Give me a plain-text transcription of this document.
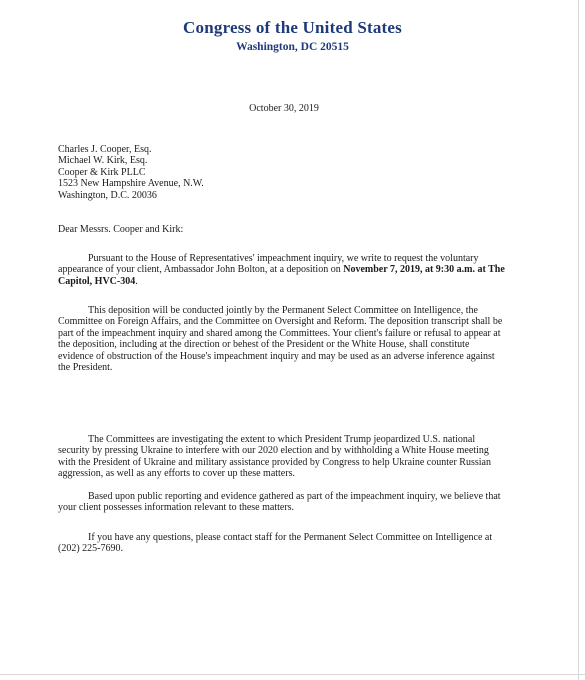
Congress of the United States
Washington, DC 20515
October 30, 2019
Charles J. Cooper, Esq.
Michael W. Kirk, Esq.
Cooper & Kirk PLLC
1523 New Hampshire Avenue, N.W.
Washington, D.C. 20036
Dear Messrs. Cooper and Kirk:
Pursuant to the House of Representatives' impeachment inquiry, we write to request the voluntary appearance of your client, Ambassador John Bolton, at a deposition on November 7, 2019, at 9:30 a.m. at The Capitol, HVC-304.
This deposition will be conducted jointly by the Permanent Select Committee on Intelligence, the Committee on Foreign Affairs, and the Committee on Oversight and Reform. The deposition transcript shall be part of the impeachment inquiry and shared among the Committees. Your client's failure or refusal to appear at the deposition, including at the direction or behest of the President or the White House, shall constitute evidence of obstruction of the House's impeachment inquiry and may be used as an adverse inference against the President.
The Committees are investigating the extent to which President Trump jeopardized U.S. national security by pressing Ukraine to interfere with our 2020 election and by withholding a White House meeting with the President of Ukraine and military assistance provided by Congress to help Ukraine counter Russian aggression, as well as any efforts to cover up these matters.
Based upon public reporting and evidence gathered as part of the impeachment inquiry, we believe that your client possesses information relevant to these matters.
If you have any questions, please contact staff for the Permanent Select Committee on Intelligence at (202) 225-7690.
